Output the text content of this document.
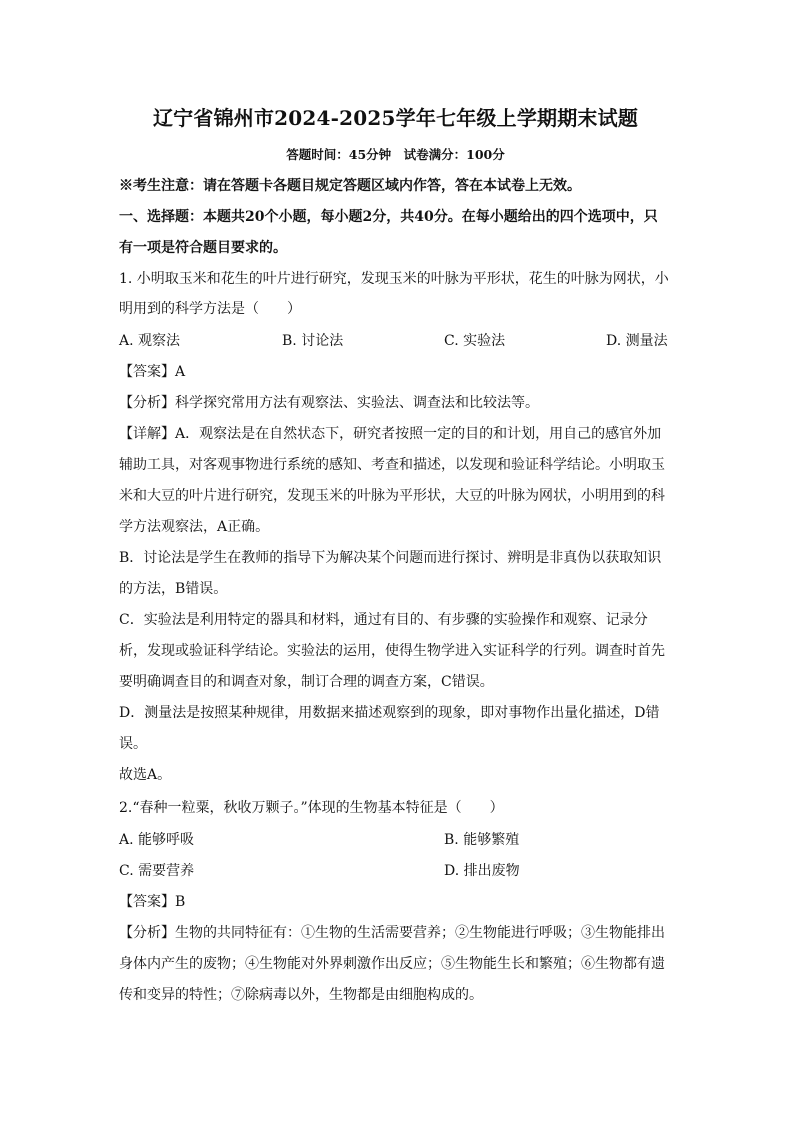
辽宁省锦州市2024-2025学年七年级上学期期末试题
答题时间：45分钟　试卷满分：100分
※考生注意：请在答题卡各题目规定答题区域内作答，答在本试卷上无效。
一、选择题：本题共20个小题，每小题2分，共40分。在每小题给出的四个选项中，只
有一项是符合题目要求的。
1. 小明取玉米和花生的叶片进行研究，发现玉米的叶脉为平形状，花生的叶脉为网状，小
明用到的科学方法是（　　）
A. 观察法	B. 讨论法	C. 实验法	D. 测量法
【答案】A
【分析】科学探究常用方法有观察法、实验法、调查法和比较法等。
【详解】A．观察法是在自然状态下，研究者按照一定的目的和计划，用自己的感官外加
辅助工具，对客观事物进行系统的感知、考查和描述，以发现和验证科学结论。小明取玉
米和大豆的叶片进行研究，发现玉米的叶脉为平形状，大豆的叶脉为网状，小明用到的科
学方法观察法，A正确。
B．讨论法是学生在教师的指导下为解决某个问题而进行探讨、辨明是非真伪以获取知识
的方法，B错误。
C．实验法是利用特定的器具和材料，通过有目的、有步骤的实验操作和观察、记录分
析，发现或验证科学结论。实验法的运用，使得生物学进入实证科学的行列。调查时首先
要明确调查目的和调查对象，制订合理的调查方案，C错误。
D．测量法是按照某种规律，用数据来描述观察到的现象，即对事物作出量化描述，D错
误。
故选A。
2.“春种一粒粟，秋收万颗子。”体现的生物基本特征是（　　）
A. 能够呼吸	B. 能够繁殖
C. 需要营养	D. 排出废物
【答案】B
【分析】生物的共同特征有：①生物的生活需要营养；②生物能进行呼吸；③生物能排出
身体内产生的废物；④生物能对外界刺激作出反应；⑤生物能生长和繁殖；⑥生物都有遗
传和变异的特性；⑦除病毒以外，生物都是由细胞构成的。
